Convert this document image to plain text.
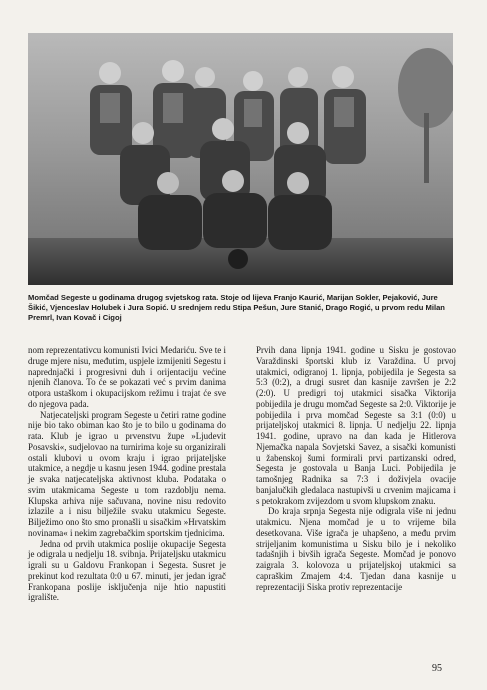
Momčad Segeste u godinama drugog svjetskog rata. Stoje od lijeva Franjo Kaurić, Marijan Sokler, Pejaković, Jure Šikić, Vjenceslav Holubek i Jura Sopić. U srednjem redu Stipa Pešun, Jure Stanić, Drago Rogić, u prvom redu Milan Premrl, Ivan Kovač i Cigoj

nom reprezentativcu komunisti Ivici Medariću. Sve te i druge mjere nisu, međutim, uspjele izmijeniti Segestu i naprednjački i progresivni duh i orijentaciju većine njenih članova. To će se pokazati već s prvim danima otpora ustaškom i okupacijskom režimu i trajat će sve do njegova pada.

Natjecateljski program Segeste u četiri ratne godine nije bio tako obiman kao što je to bilo u godinama do rata. Klub je igrao u prvenstvu župe »Ljudevit Posavski«, sudjelovao na turnirima koje su organizirali ostali klubovi u ovom kraju i igrao prijateljske utakmice, a negdje u kasnu jesen 1944. godine prestala je svaka natjecateljska aktivnost kluba. Podataka o svim utakmicama Segeste u tom razdoblju nema. Klupska arhiva nije sačuvana, novine nisu redovito izlazile a i nisu bilježile svaku utakmicu Segeste. Bilježimo ono što smo pronašli u sisačkim »Hrvatskim novinama« i nekim zagrebačkim sportskim tjednicima.

Jedna od prvih utakmica poslije okupacije Segesta je odigrala u nedjelju 18. svibnja. Prijateljsku utakmicu igrali su u Galdovu Frankopan i Segesta. Susret je prekinut kod rezultata 0:0 u 67. minuti, jer jedan igrač Frankopana poslije isključenja nije htio napustiti igralište.

Prvih dana lipnja 1941. godine u Sisku je gostovao Varaždinski športski klub iz Varaždina. U prvoj utakmici, odigranoj 1. lipnja, pobijedila je Segesta sa 5:3 (0:2), a drugi susret dan kasnije završen je 2:2 (2:0). U predigri toj utakmici sisačka Viktorija pobijedila je drugu momčad Segeste sa 2:0. Viktorije je pobijedila i prva momčad Segeste sa 3:1 (0:0) u prijateljskoj utakmici 8. lipnja. U nedjelju 22. lipnja 1941. godine, upravo na dan kada je Hitlerova Njemačka napala Sovjetski Savez, a sisački komunisti u žabenskoj šumi formirali prvi partizanski odred, Segesta je gostovala u Banja Luci. Pobijedila je tamošnjeg Radnika sa 7:3 i doživjela ovacije banjalučkih gledalaca nastupivši u crvenim majicama i s petokrakom zvijezdom u svom klupskom znaku.

Do kraja srpnja Segesta nije odigrala više ni jednu utakmicu. Njena momčad je u to vrijeme bila desetkovana. Više igrača je uhapšeno, a među prvim strijeljanim komunistima u Sisku bilo je i nekoliko tadašnjih i bivših igrača Segeste. Momčad je ponovo zaigrala 3. kolovoza u prijateljskoj utakmici sa capraškim Zmajem 4:4. Tjedan dana kasnije u reprezentaciji Siska protiv reprezentacije

95
